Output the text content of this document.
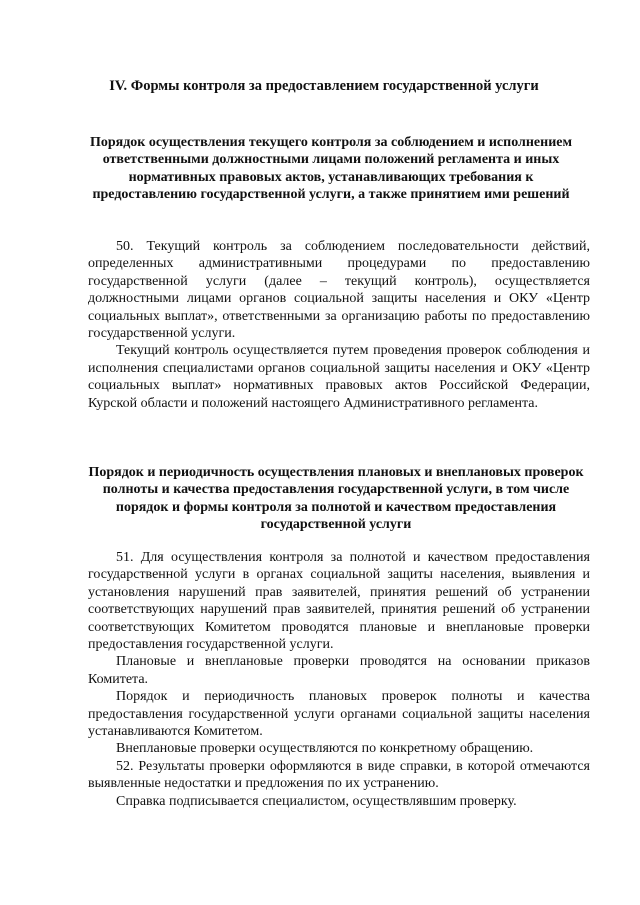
IV. Формы контроля за предоставлением государственной услуги
Порядок осуществления текущего контроля за соблюдением и исполнением ответственными должностными лицами положений регламента и иных нормативных правовых актов, устанавливающих требования к предоставлению государственной услуги, а также принятием ими решений

50. Текущий контроль за соблюдением последовательности действий, определенных административными процедурами по предоставлению государственной услуги (далее – текущий контроль), осуществляется должностными лицами органов социальной защиты населения и ОКУ «Центр социальных выплат», ответственными за организацию работы по предоставлению государственной услуги.

Текущий контроль осуществляется путем проведения проверок соблюдения и исполнения специалистами органов социальной защиты населения и ОКУ «Центр социальных выплат» нормативных правовых актов Российской Федерации, Курской области и положений настоящего Административного регламента.

Порядок и периодичность осуществления плановых и внеплановых проверок полноты и качества предоставления государственной услуги, в том числе порядок и формы контроля за полнотой и качеством предоставления государственной услуги

51. Для осуществления контроля за полнотой и качеством предоставления государственной услуги в органах социальной защиты населения, выявления и установления нарушений прав заявителей, принятия решений об устранении соответствующих нарушений прав заявителей, принятия решений об устранении соответствующих Комитетом проводятся плановые и внеплановые проверки предоставления государственной услуги.

Плановые и внеплановые проверки проводятся на основании приказов Комитета.

Порядок и периодичность плановых проверок полноты и качества предоставления государственной услуги органами социальной защиты населения устанавливаются Комитетом.

Внеплановые проверки осуществляются по конкретному обращению.

52. Результаты проверки оформляются в виде справки, в которой отмечаются выявленные недостатки и предложения по их устранению.

Справка подписывается специалистом, осуществлявшим проверку.
